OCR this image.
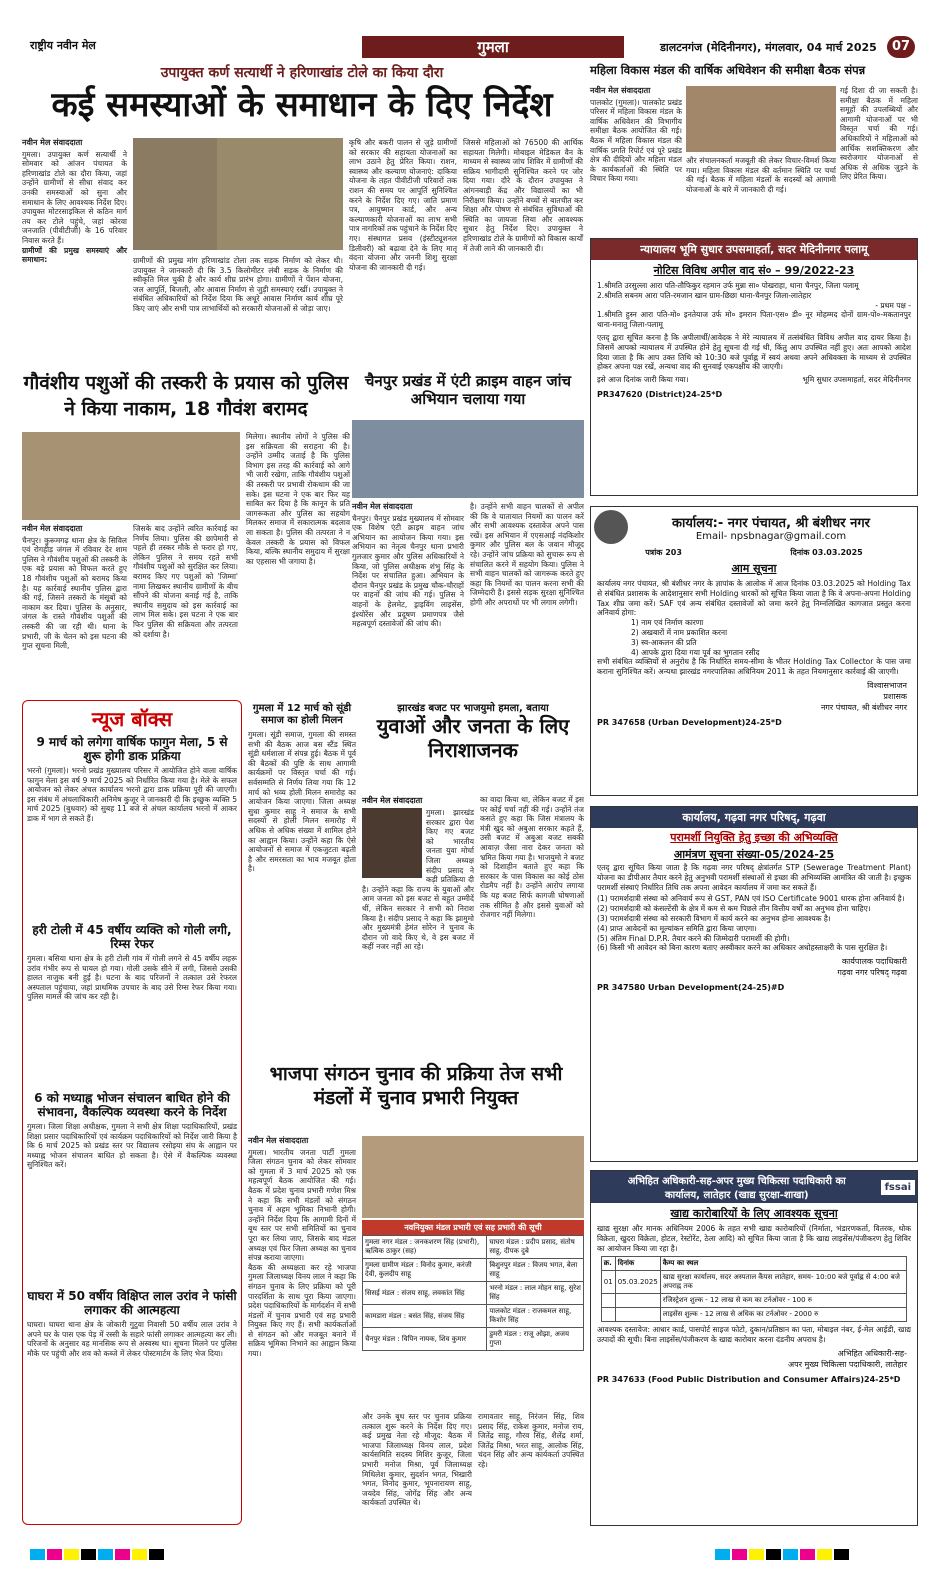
राष्ट्रीय नवीन मेल	गुमला	डालटनगंज (मेदिनीनगर), मंगलवार, 04 मार्च 2025	07
उपायुक्त कर्ण सत्यार्थी ने हरिणाखांड टोले का किया दौरा
कई समस्याओं के समाधान के दिए निर्देश
नवीन मेल संवाददाता
गुमला। उपायुक्त कर्ण सत्यार्थी ने सोमवार को आंजन पंचायत के हरिणाखांड टोले का दौरा किया, जहां उन्होंने ग्रामीणों से सीधा संवाद कर उनकी समस्याओं को सुना और समाधान के लिए आवश्यक निर्देश दिए। उपायुक्त मोटरसाइकिल से कठिन मार्ग तय कर टोले पहुंचे, जहां कोरवा जनजाति (पीवीटीजी) के 16 परिवार निवास करते हैं।
ग्रामीणों की प्रमुख समस्याएं और समाधान:	ग्रामीणों की प्रमुख मांग हरिणाखांड टोला तक सड़क निर्माण को लेकर थी। उपायुक्त ने जानकारी दी कि 3.5 किलोमीटर लंबी सड़क के निर्माण की स्वीकृति मिल चुकी है और कार्य शीघ्र प्रारंभ होगा। ग्रामीणों ने पेंशन योजना, जल आपूर्ति, बिजली, और आवास निर्माण से जुड़ी समस्याएं रखीं। उपायुक्त ने संबंधित अधिकारियों को निर्देश दिया कि अधूरे आवास निर्माण कार्य शीघ्र पूरे किए जाएं और सभी पात्र लाभार्थियों को सरकारी योजनाओं से जोड़ा जाए।
कृषि और बकरी पालन से जुड़े ग्रामीणों को सरकार की सहायता योजनाओं का लाभ उठाने हेतु प्रेरित किया। राशन, स्वास्थ्य और कल्याण योजनाएं: दाकिया योजना के तहत पीवीटीजी परिवारों तक राशन की समय पर आपूर्ति सुनिश्चित करने के निर्देश दिए गए। जाति प्रमाण पत्र, आयुष्मान कार्ड, और अन्य कल्याणकारी योजनाओं का लाभ सभी पात्र नागरिकों तक पहुंचाने के निर्देश दिए गए। संस्थागत प्रसव (इंस्टीट्यूशनल डिलीवरी) को बढ़ावा देने के लिए मातृ वंदना योजना और जननी शिशु सुरक्षा योजना की जानकारी दी गई।
जिससे महिलाओं को 76500 की आर्थिक सहायता मिलेगी। मोबाइल मेडिकल वैन के माध्यम से स्वास्थ्य जांच शिविर में ग्रामीणों की सक्रिय भागीदारी सुनिश्चित करने पर जोर दिया गया। दौरे के दौरान उपायुक्त ने आंगनबाड़ी केंद्र और विद्यालयों का भी निरीक्षण किया। उन्होंने बच्चों से बातचीत कर शिक्षा और पोषण से संबंधित सुविधाओं की स्थिति का जायजा लिया और आवश्यक सुधार हेतु निर्देश दिए। उपायुक्त ने हरिणाखांड टोले के ग्रामीणों को विकास कार्यों में तेजी लाने की जानकारी दी।
गौवंशीय पशुओं की तस्करी के प्रयास को पुलिस ने किया नाकाम, 18 गौवंश बरामद
मिलेगा। स्थानीय लोगों ने पुलिस की इस सक्रियता की सराहना की है। उन्होंने उम्मीद जताई है कि पुलिस विभाग इस तरह की कार्रवाई को आगे भी जारी रखेगा, ताकि गौवंशीय पशुओं की तस्करी पर प्रभावी रोकथाम की जा सके। इस घटना ने एक बार फिर यह साबित कर दिया है कि कानून के प्रति जागरूकता और पुलिस का सहयोग मिलकर समाज में सकारात्मक बदलाव ला सकता है। पुलिस की तत्परता ने न केवल तस्करी के प्रयास को विफल किया, बल्कि स्थानीय समुदाय में सुरक्षा का एहसास भी जगाया है।
नवीन मेल संवाददाता
चैनपुर। कुरूमगढ़ थाना क्षेत्र के सिविल एवं रोगहीड़ जंगल में रविवार देर शाम पुलिस ने गौवंशीय पशुओं की तस्करी के एक बड़े प्रयास को विफल करते हुए 18 गौवंशीय पशुओं को बरामद किया है। यह कार्रवाई स्थानीय पुलिस द्वारा की गई, जिसने तस्करों के मंसूबों को नाकाम कर दिया। पुलिस के अनुसार, जंगल के रास्ते गौवंशीय पशुओं की तस्करी की जा रही थी। थाना के प्रभारी, जी के चेतन को इस घटना की गुप्त सूचना मिली,
जिसके बाद उन्होंने त्वरित कार्रवाई का निर्णय लिया। पुलिस की छापेमारी से पहले ही तस्कर मौके से फरार हो गए, लेकिन पुलिस ने समय रहते सभी गौवंशीय पशुओं को सुरक्षित कर लिया। बरामद किए गए पशुओं को 'जिम्मा' नामा लिखकर स्थानीय ग्रामीणों के बीच सौंपने की योजना बनाई गई है, ताकि स्थानीय समुदाय को इस कार्रवाई का लाभ मिल सके। इस घटना ने एक बार फिर पुलिस की सक्रियता और तत्परता को दर्शाया है।
चैनपुर प्रखंड में एंटी क्राइम वाहन जांच अभियान चलाया गया
नवीन मेल संवाददाता
चैनपुर। चैनपुर प्रखंड मुख्यालय में सोमवार एक विशेष एंटी क्राइम वाहन जांच अभियान का आयोजन किया गया। इस अभियान का नेतृत्व चैनपुर थाना प्रभारी गुलजार कुमार और पुलिस अधिकारियों ने किया, जो पुलिस अधीक्षक शंभु सिंह के निर्देश पर संचालित हुआ। अभियान के दौरान चैनपुर प्रखंड के प्रमुख चौक-चौराहों पर वाहनों की जांच की गई। पुलिस ने वाहनों के हेलमेट, ड्राइविंग लाइसेंस, इंश्योरेंस और प्रदूषण प्रमाणपत्र जैसे महत्वपूर्ण दस्तावेजों की जांच की।
है। उन्होंने सभी वाहन चालकों से अपील की कि वे यातायात नियमों का पालन करें और सभी आवश्यक दस्तावेज अपने पास रखें। इस अभियान में एएसआई नंदकिशोर कुमार और पुलिस बल के जवान मौजूद रहे। उन्होंने जांच प्रक्रिया को सुचारू रूप से संचालित करने में सहयोग किया। पुलिस ने सभी वाहन चालकों को जागरूक करते हुए कहा कि नियमों का पालन करना सभी की जिम्मेदारी है। इससे सड़क सुरक्षा सुनिश्चित होगी और अपराधों पर भी लगाम लगेगी।
न्यूज बॉक्स
9 मार्च को लगेगा वार्षिक फागुन मेला, 5 से शुरू होगी डाक प्रक्रिया
भरनो (गुमला)। भरनो प्रखंड मुख्यालय परिसर में आयोजित होने वाला वार्षिक फागुन मेला इस वर्ष 9 मार्च 2025 को निर्धारित किया गया है। मेले के सफल आयोजन को लेकर अंचल कार्यालय भरनो द्वारा डाक प्रक्रिया पूरी की जाएगी। इस संबंध में अंचलाधिकारी अनिमेष कुजूर ने जानकारी दी कि इच्छुक व्यक्ति 5 मार्च 2025 (बुधवार) को सुबह 11 बजे से अंचल कार्यालय भरनो में आकर डाक में भाग ले सकते हैं।
हरी टोली में 45 वर्षीय व्यक्ति को गोली लगी, रिम्स रेफर
गुमला। बसिया थाना क्षेत्र के हरी टोली गांव में गोली लगने से 45 वर्षीय लहरू उरांव गंभीर रूप से घायल हो गया। गोली उसके सीने में लगी, जिससे उसकी हालत नाजुक बनी हुई है। घटना के बाद परिजनों ने तत्काल उसे रेफरल अस्पताल पहुंचाया, जहां प्राथमिक उपचार के बाद उसे रिम्स रेफर किया गया। पुलिस मामले की जांच कर रही है।
6 को मध्याह्न भोजन संचालन बाधित होने की संभावना, वैकल्पिक व्यवस्था करने के निर्देश
गुमला। जिला शिक्षा अधीक्षक, गुमला ने सभी क्षेत्र शिक्षा पदाधिकारियों, प्रखंड शिक्षा प्रसार पदाधिकारियों एवं कार्यक्रम पदाधिकारियों को निर्देश जारी किया है कि 6 मार्च 2025 को प्रखंड स्तर पर विद्यालय रसोइया संघ के आह्वान पर मध्याह्न भोजन संचालन बाधित हो सकता है। ऐसे में वैकल्पिक व्यवस्था सुनिश्चित करें।
घाघरा में 50 वर्षीय विक्षिप्त लाल उरांव ने फांसी लगाकर की आत्महत्या
घाघरा। घाघरा थाना क्षेत्र के जोकारी गुटुवा निवासी 50 वर्षीय लाल उरांव ने अपने घर के पास एक पेड़ में रस्सी के सहारे फांसी लगाकर आत्महत्या कर ली। परिजनों के अनुसार वह मानसिक रूप से अस्वस्थ था। सूचना मिलने पर पुलिस मौके पर पहुंची और शव को कब्जे में लेकर पोस्टमार्टम के लिए भेज दिया।
गुमला में 12 मार्च को सूंडी समाज का होली मिलन
गुमला। सूंडी समाज, गुमला की समस्त सभी की बैठक आज बस स्टैंड स्थित सूंडी धर्मशाला में संपन्न हुई। बैठक में पूर्व की बैठकों की पुष्टि के साथ आगामी कार्यक्रमों पर विस्तृत चर्चा की गई। सर्वसम्मति से निर्णय लिया गया कि 12 मार्च को भव्य होली मिलन समारोह का आयोजन किया जाएगा। जिला अध्यक्ष सुधा कुमार साहू ने समाज के सभी सदस्यों से होली मिलन समारोह में अधिक से अधिक संख्या में शामिल होने का आह्वान किया। उन्होंने कहा कि ऐसे आयोजनों से समाज में एकजुटता बढ़ती है और समरसता का भाव मजबूत होता है।
झारखंड बजट पर भाजयुमो हमला, बताया
युवाओं और जनता के लिए निराशाजनक
नवीन मेल संवाददाता
गुमला। झारखंड सरकार द्वारा पेश किए गए बजट को भारतीय जनता युवा मोर्चा जिला अध्यक्ष संदीप प्रसाद ने कड़ी प्रतिक्रिया दी है। उन्होंने कहा कि राज्य के युवाओं और आम जनता को इस बजट से बहुत उम्मीदें थीं, लेकिन सरकार ने सभी को निराश किया है। संदीप प्रसाद ने कहा कि झामुमो और मुख्यमंत्री हेमंत सोरेन ने चुनाव के दौरान जो वादे किए थे, वे इस बजट में कहीं नजर नहीं आ रहे।
का वादा किया था, लेकिन बजट में इस पर कोई चर्चा नहीं की गई। उन्होंने तंज कसते हुए कहा कि जिस मंत्रालय के मंत्री खुद को अबुआ सरकार कहते हैं, उसी बजट में अबुआ बजट सबकी आवाज़ जैसा नारा देकर जनता को भ्रमित किया गया है। भाजयुमो ने बजट को दिशाहीन बताते हुए कहा कि सरकार के पास विकास का कोई ठोस रोडमैप नहीं है। उन्होंने आरोप लगाया कि यह बजट सिर्फ कागजी घोषणाओं तक सीमित है और इससे युवाओं को रोजगार नहीं मिलेगा।
भाजपा संगठन चुनाव की प्रक्रिया तेज सभी मंडलों में चुनाव प्रभारी नियुक्त
नवीन मेल संवाददाता
गुमला। भारतीय जनता पार्टी गुमला जिला संगठन चुनाव को लेकर सोमवार को गुमला में 3 मार्च 2025 को एक महत्वपूर्ण बैठक आयोजित की गई। बैठक में प्रदेश चुनाव प्रभारी गणेश मिश्र ने कहा कि सभी मंडलों को संगठन चुनाव में अहम भूमिका निभानी होगी। उन्होंने निर्देश दिया कि आगामी दिनों में बूथ स्तर पर सभी समितियों का चुनाव पूरा कर लिया जाए, जिसके बाद मंडल अध्यक्ष एवं फिर जिला अध्यक्ष का चुनाव संपन्न कराया जाएगा।
बैठक की अध्यक्षता कर रहे भाजपा गुमला जिलाध्यक्ष विनय लाल ने कहा कि संगठन चुनाव के लिए प्रक्रिया को पूरी पारदर्शिता के साथ पूरा किया जाएगा। प्रदेश पदाधिकारियों के मार्गदर्शन में सभी मंडलों में चुनाव प्रभारी एवं सह प्रभारी नियुक्त किए गए हैं। सभी कार्यकर्ताओं से संगठन को और मजबूत बनाने में सक्रिय भूमिका निभाने का आह्वान किया गया।
नवनियुक्त मंडल प्रभारी एवं सह प्रभारी की सूची
गुमला नगर मंडल : जनकशरण सिंह (प्रभारी), ऋत्विक ठाकुर (सह)	घाघरा मंडल : प्रदीप प्रसाद, संतोष साहू, दीपक दुबे
गुमला ग्रामीण मंडल : विनोद कुमार, करंजी देवी, कुलदीप साहू	बिशुनपुर मंडल : विजय भगत, बेला साहू
सिसई मंडल : संजय साहू, लवकांत सिंह	भरनो मंडल : लाल मोहन साहू, सुरेश सिंह
कामडारा मंडल : बसंत सिंह, संजय सिंह	पालकोट मंडल : राजकमल साहू, किशोर सिंह
चैनपुर मंडल : विपिन नायक, शिव कुमार	डुमरी मंडल : राजू ओझा, अजय गुप्ता
और उनके बूथ स्तर पर चुनाव प्रक्रिया तत्काल शुरू करने के निर्देश दिए गए। कई प्रमुख नेता रहे मौजूद: बैठक में भाजपा जिलाध्यक्ष विनय लाल, प्रदेश कार्यसमिति सदस्य मिशिर कुजूर, जिला प्रभारी मनोज मिश्रा, पूर्व जिलाध्यक्ष मिथिलेश कुमार, सुदर्शन भगत, भिखारी भगत, विनोद कुमार, भूपनारायण साहू, जयदेव सिंह, जोगेंद्र सिंह और अन्य कार्यकर्ता उपस्थित थे।
रामावतार साहू, निरंजन सिंह, शिव प्रसाद सिंह, राकेश कुमार, मनोज राय, जितेंद्र साहू, गौरव सिंह, शैलेंद्र शर्मा, जितेंद्र मिश्रा, भरत साहू, आलोक सिंह, चंदन सिंह और अन्य कार्यकर्ता उपस्थित रहे।
महिला विकास मंडल की वार्षिक अधिवेशन की समीक्षा बैठक संपन्न
नवीन मेल संवाददाता
पालकोट (गुमला)। पालकोट प्रखंड परिसर में महिला विकास मंडल के वार्षिक अधिवेशन की विभागीय समीक्षा बैठक आयोजित की गई। बैठक में महिला विकास मंडल की वार्षिक प्रगति रिपोर्ट एवं पूरे प्रखंड क्षेत्र की दीदियों और महिला मंडल के कार्यकर्ताओं की स्थिति पर विचार किया गया।
और संचालनकर्ता मजबूती की लेकर विचार-विमर्श किया गया। महिला विकास मंडल की वर्तमान स्थिति पर चर्चा की गई। बैठक में महिला मंडलों के सदस्यों को आगामी योजनाओं के बारे में जानकारी दी गई।
गई दिशा दी जा सकती है। समीक्षा बैठक में महिला समूहों की उपलब्धियों और आगामी योजनाओं पर भी विस्तृत चर्चा की गई। अधिकारियों ने महिलाओं को आर्थिक सशक्तिकरण और स्वरोजगार योजनाओं से अधिक से अधिक जुड़ने के लिए प्रेरित किया।
न्यायालय भूमि सुधार उपसमाहर्ता, सदर मेदिनीनगर पलामू
नोटिस विविध अपील वाद सं० – 99/2022-23
1.श्रीमति उरसुल्ला आरा पति-तौफिकुर रहमान उर्फ मुन्ना सा० पोखराहा, थाना चैनपुर, जिला पलामू
2.श्रीमति सबनम आरा पति-रमजान खान ग्राम-छिछा थाना-चैनपुर जिला-लातेहार
- प्रथम पक्ष -
1.श्रीमति हुस्न आरा पति-मो० इनतेयाज उर्फ मो० इमरान पिता-एस० डी० नूर मोहम्मद दोनों ग्राम-पो०-मकतानपुर थाना-मनातु जिला-पलामू
एतद् द्वारा सूचित करना है कि अपीलार्थी/आवेदक ने मेरे न्यायालय में तत्संबंधित विविध अपील वाद दायर किया है। जिसमें आपको न्यायालय में उपस्थित होने हेतु सूचना दी गई थी, किंतु आप उपस्थित नहीं हुए। अतः आपको आदेश दिया जाता है कि आप उक्त तिथि को 10:30 बजे पूर्वाह्न में स्वयं अथवा अपने अधिवक्ता के माध्यम से उपस्थित होकर अपना पक्ष रखें, अन्यथा वाद की सुनवाई एकपक्षीय की जाएगी।
इसे आज दिनांक जारी किया गया।	भूमि सुधार उपसमाहर्ता, सदर मेदिनीनगर
PR347620 (District)24-25*D
कार्यालय:- नगर पंचायत, श्री बंशीधर नगर
Email- npsbnagar@gmail.com
पत्रांक 203	दिनांक 03.03.2025
आम सूचना
कार्यालय नगर पंचायत, श्री बंशीधर नगर के ज्ञापांक के आलोक में आज दिनांक 03.03.2025 को Holding Tax से संबंधित प्रशासक के आदेशानुसार सभी Holding धारकों को सूचित किया जाता है कि वे अपना-अपना Holding Tax शीघ्र जमा करें। SAF एवं अन्य संबंधित दस्तावेजों को जमा करने हेतु निम्नलिखित कागजात प्रस्तुत करना अनिवार्य होगा:
1) नाम एवं निर्माण कारणा
2) अखबारों में नाम प्रकाशित करना
3) स्व-आकलन की प्रति
4) आपके द्वारा दिया गया पूर्व का भुगतान रसीद
सभी संबंधित व्यक्तियों से अनुरोध है कि निर्धारित समय-सीमा के भीतर Holding Tax Collector के पास जमा कराना सुनिश्चित करें। अन्यथा झारखंड नगरपालिका अधिनियम 2011 के तहत नियमानुसार कार्रवाई की जाएगी।
विश्वासभाजन
प्रशासक
नगर पंचायत, श्री बंशीधर नगर
PR 347658 (Urban Development)24-25*D
कार्यालय, गढ़वा नगर परिषद्, गढ़वा
परामर्शी नियुक्ति हेतु इच्छा की अभिव्यक्ति
आमंत्रण सूचना संख्या-05/2024-25
एतद् द्वारा सूचित किया जाता है कि गढ़वा नगर परिषद् क्षेत्रांतर्गत STP (Sewerage Treatment Plant) योजना का डीपीआर तैयार करने हेतु अनुभवी परामर्शी संस्थाओं से इच्छा की अभिव्यक्ति आमंत्रित की जाती है। इच्छुक परामर्शी संस्थाएं निर्धारित तिथि तक अपना आवेदन कार्यालय में जमा कर सकते हैं।
(1) परामर्शदात्री संस्था को अनिवार्य रूप से GST, PAN एवं ISO Certificate 9001 धारक होना अनिवार्य है।
(2) परामर्शदात्री को कंसल्टेंसी के क्षेत्र में कम से कम पिछले तीन वित्तीय वर्षों का अनुभव होना चाहिए।
(3) परामर्शदात्री संस्था को सरकारी विभाग में कार्य करने का अनुभव होना आवश्यक है।
(4) प्राप्त आवेदनों का मूल्यांकन समिति द्वारा किया जाएगा।
(5) अंतिम Final D.P.R. तैयार करने की जिम्मेदारी परामर्शी की होगी।
(6) किसी भी आवेदन को बिना कारण बताए अस्वीकार करने का अधिकार अधोहस्ताक्षरी के पास सुरक्षित है।
कार्यपालक पदाधिकारी
गढ़वा नगर परिषद् गढ़वा
PR 347580 Urban Development(24-25)#D
अभिहित अधिकारी-सह-अपर मुख्य चिकित्सा पदाधिकारी का
कार्यालय, लातेहार (खाद्य सुरक्षा-शाखा)
fssai
खाद्य कारोबारियों के लिए आवश्यक सूचना
खाद्य सुरक्षा और मानक अधिनियम 2006 के तहत सभी खाद्य कारोबारियों (निर्माता, भंडारणकर्ता, वितरक, थोक विक्रेता, खुदरा विक्रेता, होटल, रेस्टोरेंट, ठेला आदि) को सूचित किया जाता है कि खाद्य लाइसेंस/पंजीकरण हेतु शिविर का आयोजन किया जा रहा है।
क्र.	दिनांक	कैम्प का स्थल
01	05.03.2025	खाद्य सुरक्षा कार्यालय, सदर अस्पताल कैंपस लातेहार, समय- 10:00 बजे पूर्वाह्न से 4:00 बजे अपराह्न तक
		रजिस्ट्रेशन शुल्क - 12 लाख से कम का टर्नओवर - 100 रु
		लाइसेंस शुल्क - 12 लाख से अधिक का टर्नओवर - 2000 रु
आवश्यक दस्तावेज: आधार कार्ड, पासपोर्ट साइज फोटो, दुकान/प्रतिष्ठान का पता, मोबाइल नंबर, ई-मेल आईडी, खाद्य उत्पादों की सूची। बिना लाइसेंस/पंजीकरण के खाद्य कारोबार करना दंडनीय अपराध है।
अभिहित अधिकारी-सह-
अपर मुख्य चिकित्सा पदाधिकारी, लातेहार
PR 347633 (Food Public Distribution and Consumer Affairs)24-25*D
